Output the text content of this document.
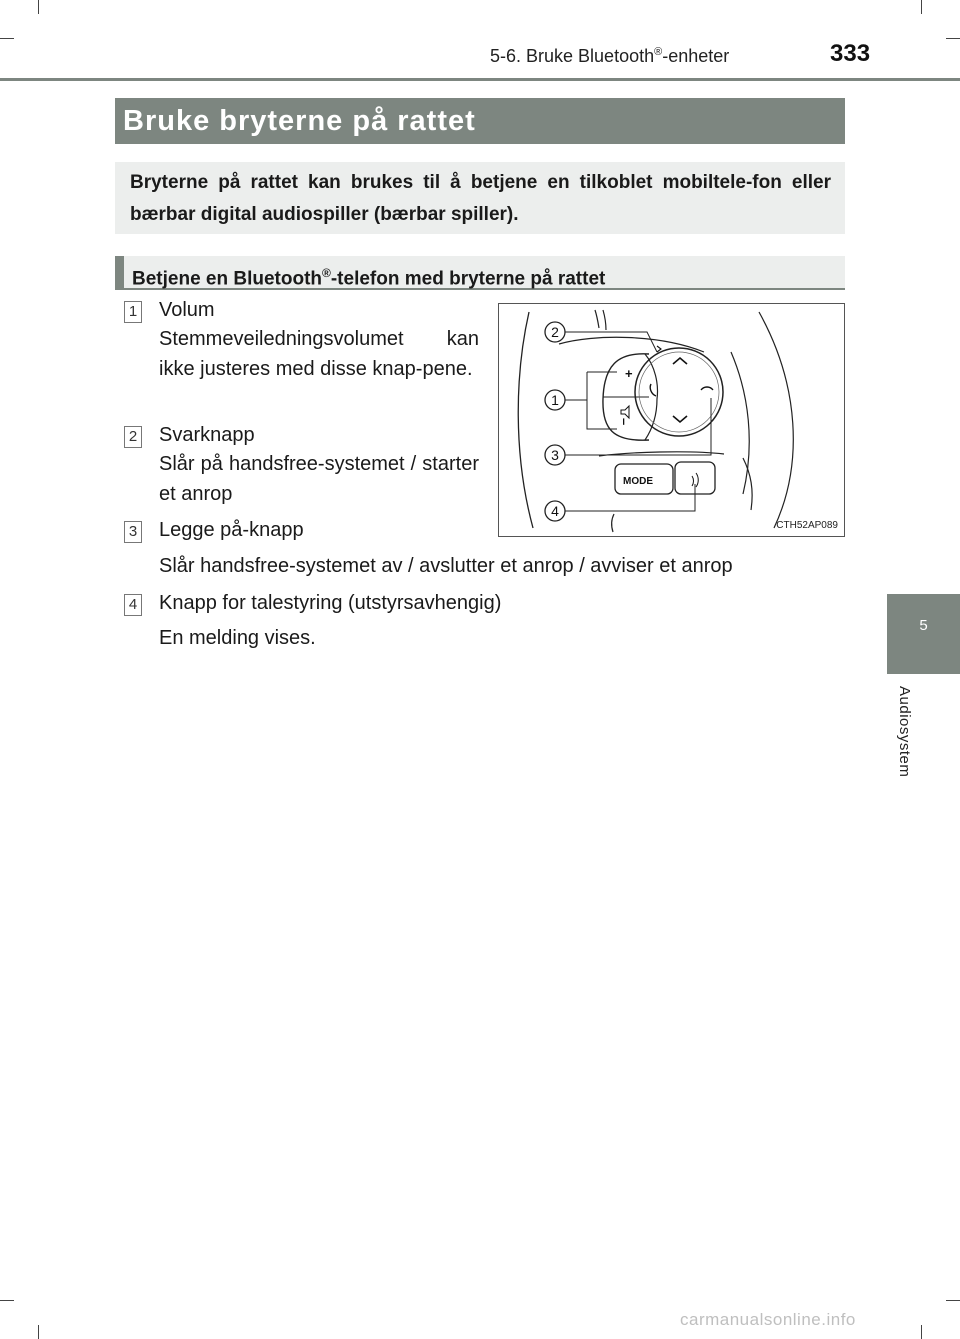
5-6. Bruke Bluetooth®-enheter	333
5
Audiosystem
Bruke bryterne på rattet
Bryterne på rattet kan brukes til å betjene en tilkoblet mobiltele-fon eller bærbar digital audiospiller (bærbar spiller).
Betjene en Bluetooth®-telefon med bryterne på rattet
1 Volum
Stemmeveiledningsvolumet kan ikke justeres med disse knap-pene.
2 Svarknapp
Slår på handsfree-systemet / starter et anrop
3 Legge på-knapp
Slår handsfree-systemet av / avslutter et anrop / avviser et anrop
4 Knapp for talestyring (utstyrsavhengig)
En melding vises.
+
–
MODE
2
1
3
4
CTH52AP089
carmanualsonline.info
